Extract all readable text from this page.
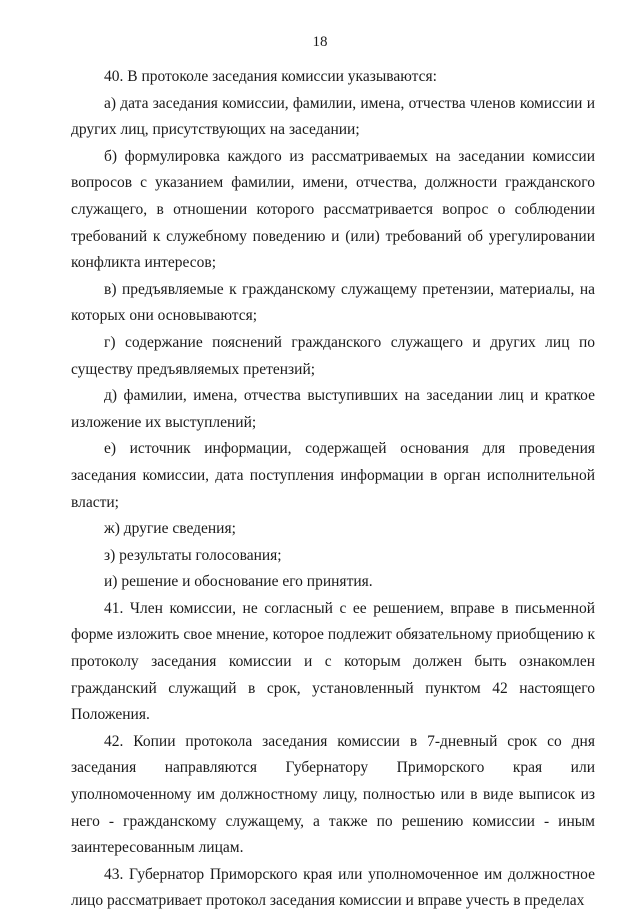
18

40. В протоколе заседания комиссии указываются:

а) дата заседания комиссии, фамилии, имена, отчества членов комиссии и других лиц, присутствующих на заседании;

б) формулировка каждого из рассматриваемых на заседании комиссии вопросов с указанием фамилии, имени, отчества, должности гражданского служащего, в отношении которого рассматривается вопрос о соблюдении требований к служебному поведению и (или) требований об урегулировании конфликта интересов;

в) предъявляемые к гражданскому служащему претензии, материалы, на которых они основываются;

г) содержание пояснений гражданского служащего и других лиц по существу предъявляемых претензий;

д) фамилии, имена, отчества выступивших на заседании лиц и краткое изложение их выступлений;

е) источник информации, содержащей основания для проведения заседания комиссии, дата поступления информации в орган исполнительной власти;

ж) другие сведения;

з) результаты голосования;

и) решение и обоснование его принятия.

41. Член комиссии, не согласный с ее решением, вправе в письменной форме изложить свое мнение, которое подлежит обязательному приобщению к протоколу заседания комиссии и с которым должен быть ознакомлен гражданский служащий в срок, установленный пунктом 42 настоящего Положения.

42. Копии протокола заседания комиссии в 7-дневный срок со дня заседания направляются Губернатору Приморского края или уполномоченному им должностному лицу, полностью или в виде выписок из него - гражданскому служащему, а также по решению комиссии - иным заинтересованным лицам.

43. Губернатор Приморского края или уполномоченное им должностное лицо рассматривает протокол заседания комиссии и вправе учесть в пределах
